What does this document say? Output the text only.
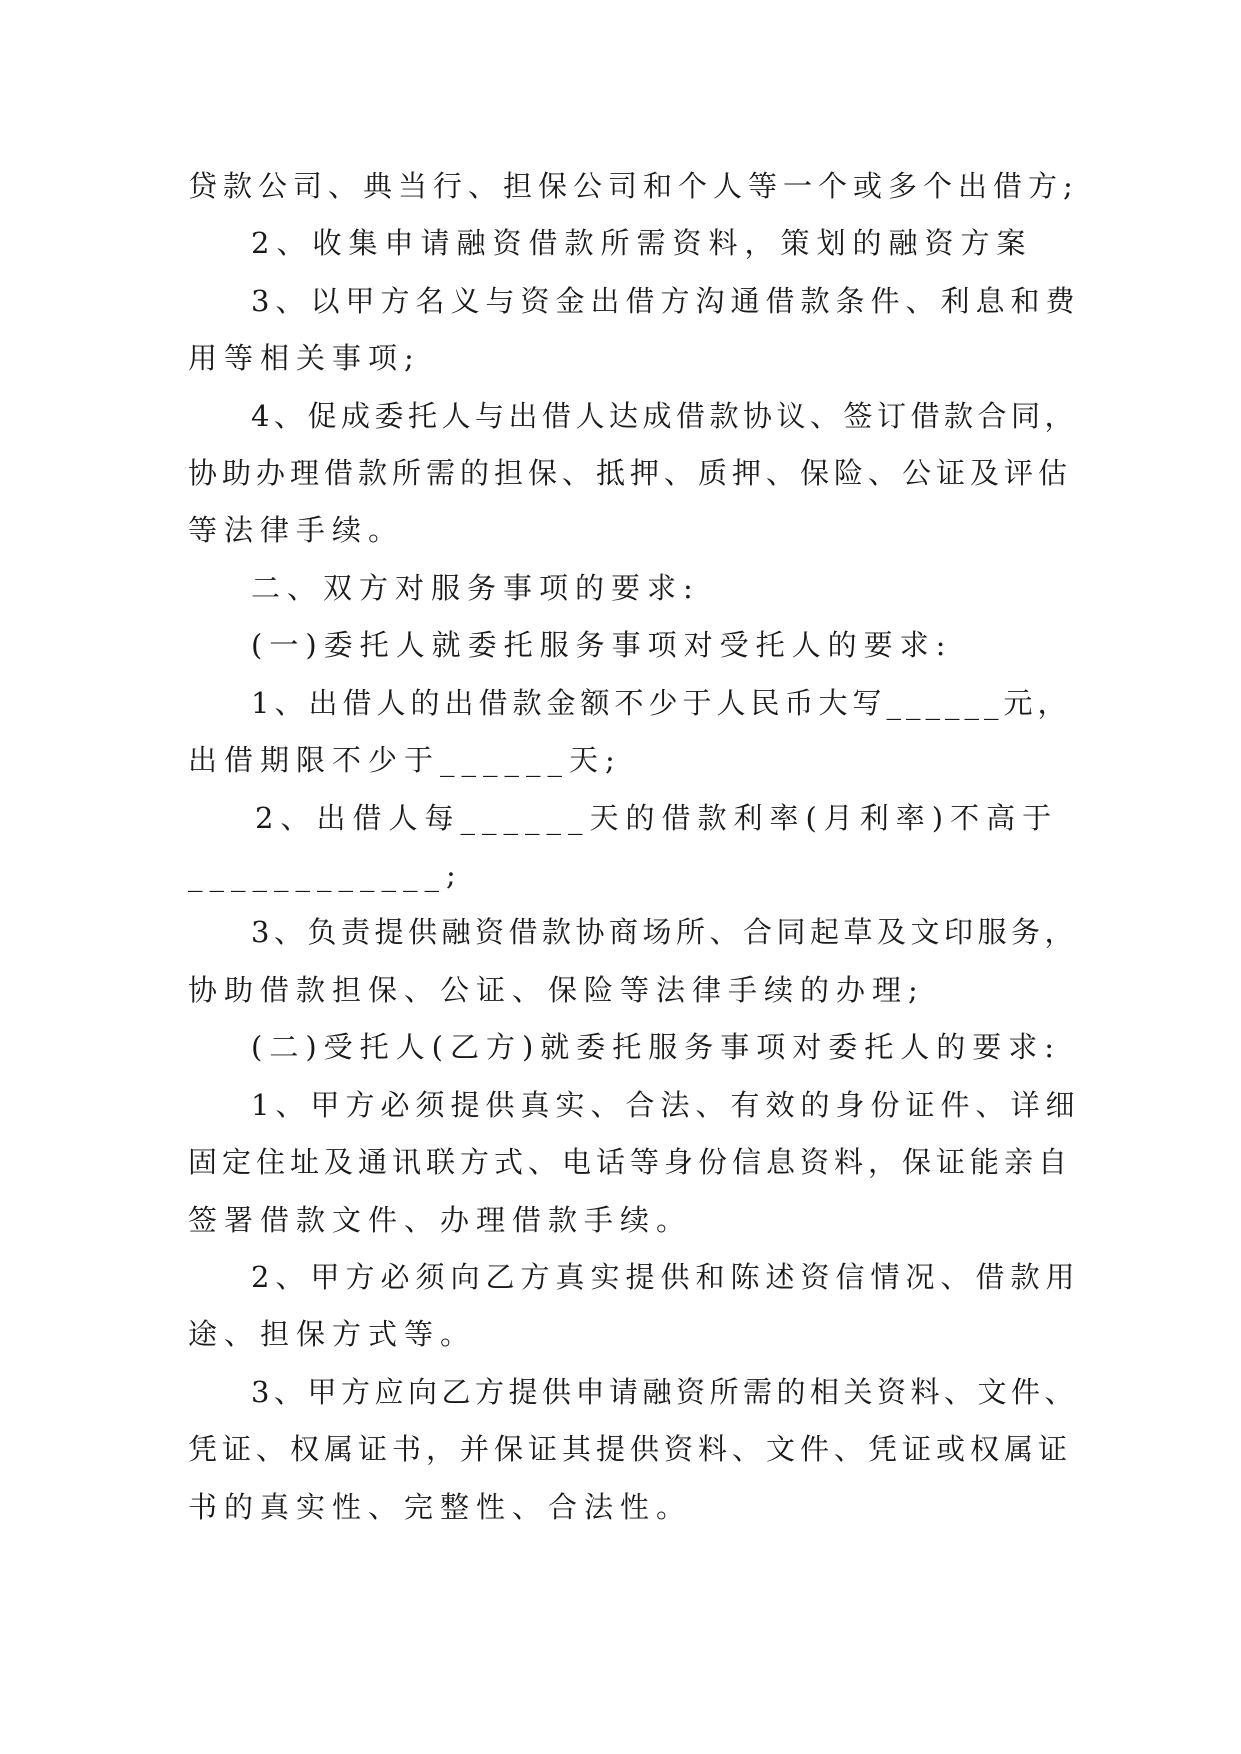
贷款公司、典当行、担保公司和个人等一个或多个出借方;

2、收集申请融资借款所需资料，策划的融资方案

3、以甲方名义与资金出借方沟通借款条件、利息和费

用等相关事项;

4、促成委托人与出借人达成借款协议、签订借款合同，

协助办理借款所需的担保、抵押、质押、保险、公证及评估

等法律手续。

二、双方对服务事项的要求:

(一)委托人就委托服务事项对受托人的要求:

1、出借人的出借款金额不少于人民币大写______元，

出借期限不少于______天;

2、出借人每______天的借款利率(月利率)不高于

____________;

3、负责提供融资借款协商场所、合同起草及文印服务，

协助借款担保、公证、保险等法律手续的办理;

(二)受托人(乙方)就委托服务事项对委托人的要求:

1、甲方必须提供真实、合法、有效的身份证件、详细

固定住址及通讯联方式、电话等身份信息资料，保证能亲自

签署借款文件、办理借款手续。

2、甲方必须向乙方真实提供和陈述资信情况、借款用

途、担保方式等。

3、甲方应向乙方提供申请融资所需的相关资料、文件、

凭证、权属证书，并保证其提供资料、文件、凭证或权属证

书的真实性、完整性、合法性。
